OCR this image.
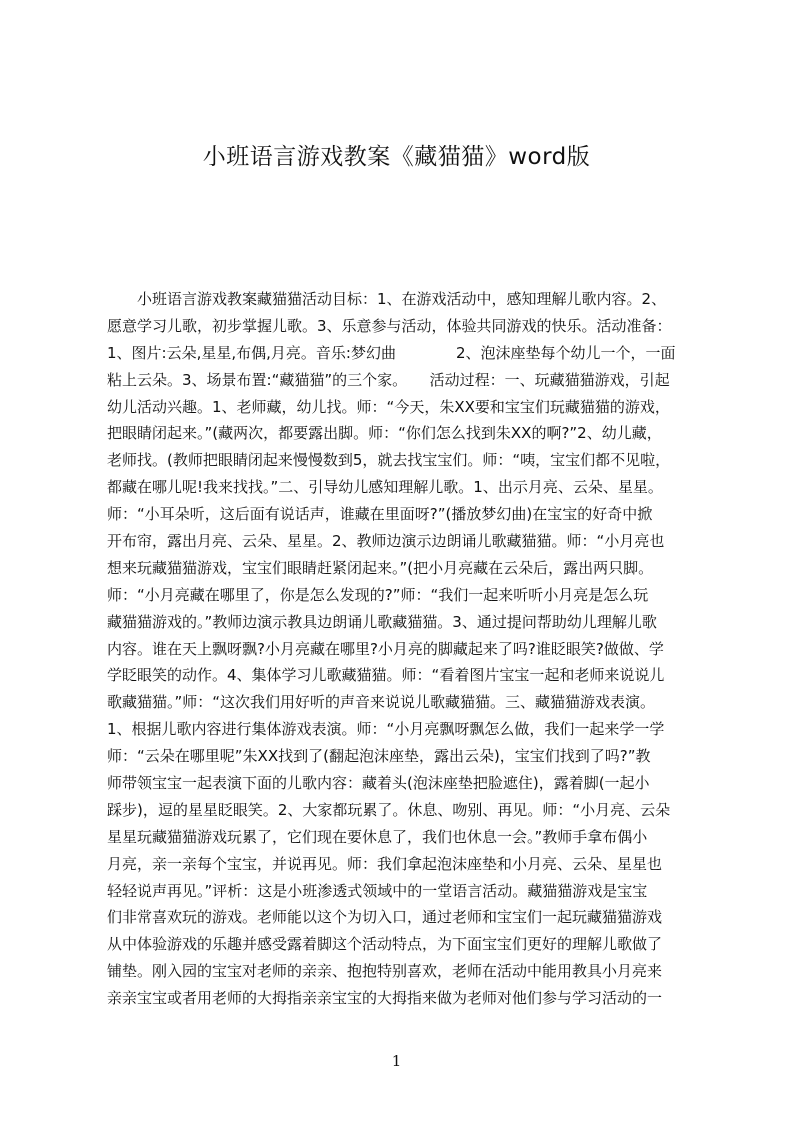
小班语言游戏教案《藏猫猫》word版
　　小班语言游戏教案藏猫猫活动目标：1、在游戏活动中，感知理解儿歌内容。2、
愿意学习儿歌，初步掌握儿歌。3、乐意参与活动，体验共同游戏的快乐。活动准备：
1、图片:云朵,星星,布偶,月亮。音乐:梦幻曲　　　　2、泡沫座垫每个幼儿一个，一面
粘上云朵。3、场景布置:“藏猫猫”的三个家。　　活动过程：一、玩藏猫猫游戏，引起
幼儿活动兴趣。1、老师藏，幼儿找。师：“今天，朱XX要和宝宝们玩藏猫猫的游戏，
把眼睛闭起来。”(藏两次，都要露出脚。师：“你们怎么找到朱XX的啊?”2、幼儿藏，
老师找。(教师把眼睛闭起来慢慢数到5，就去找宝宝们。师：“咦，宝宝们都不见啦，
都藏在哪儿呢!我来找找。”二、引导幼儿感知理解儿歌。1、出示月亮、云朵、星星。
师：“小耳朵听，这后面有说话声，谁藏在里面呀?”(播放梦幻曲)在宝宝的好奇中掀
开布帘，露出月亮、云朵、星星。2、教师边演示边朗诵儿歌藏猫猫。师：“小月亮也
想来玩藏猫猫游戏，宝宝们眼睛赶紧闭起来。”(把小月亮藏在云朵后，露出两只脚。
师：“小月亮藏在哪里了，你是怎么发现的?”师：“我们一起来听听小月亮是怎么玩
藏猫猫游戏的。”教师边演示教具边朗诵儿歌藏猫猫。3、通过提问帮助幼儿理解儿歌
内容。谁在天上飘呀飘?小月亮藏在哪里?小月亮的脚藏起来了吗?谁眨眼笑?做做、学
学眨眼笑的动作。4、集体学习儿歌藏猫猫。师：“看着图片宝宝一起和老师来说说儿
歌藏猫猫。”师：“这次我们用好听的声音来说说儿歌藏猫猫。三、藏猫猫游戏表演。
1、根据儿歌内容进行集体游戏表演。师：“小月亮飘呀飘怎么做，我们一起来学一学
师：“云朵在哪里呢”朱XX找到了(翻起泡沫座垫，露出云朵)，宝宝们找到了吗?”教
师带领宝宝一起表演下面的儿歌内容：藏着头(泡沫座垫把脸遮住)，露着脚(一起小
踩步)，逗的星星眨眼笑。2、大家都玩累了。休息、吻别、再见。师：“小月亮、云朵
星星玩藏猫猫游戏玩累了，它们现在要休息了，我们也休息一会。”教师手拿布偶小
月亮，亲一亲每个宝宝，并说再见。师：我们拿起泡沫座垫和小月亮、云朵、星星也
轻轻说声再见。”评析：这是小班渗透式领域中的一堂语言活动。藏猫猫游戏是宝宝
们非常喜欢玩的游戏。老师能以这个为切入口，通过老师和宝宝们一起玩藏猫猫游戏
从中体验游戏的乐趣并感受露着脚这个活动特点，为下面宝宝们更好的理解儿歌做了
铺垫。刚入园的宝宝对老师的亲亲、抱抱特别喜欢，老师在活动中能用教具小月亮来
亲亲宝宝或者用老师的大拇指亲亲宝宝的大拇指来做为老师对他们参与学习活动的一
1
